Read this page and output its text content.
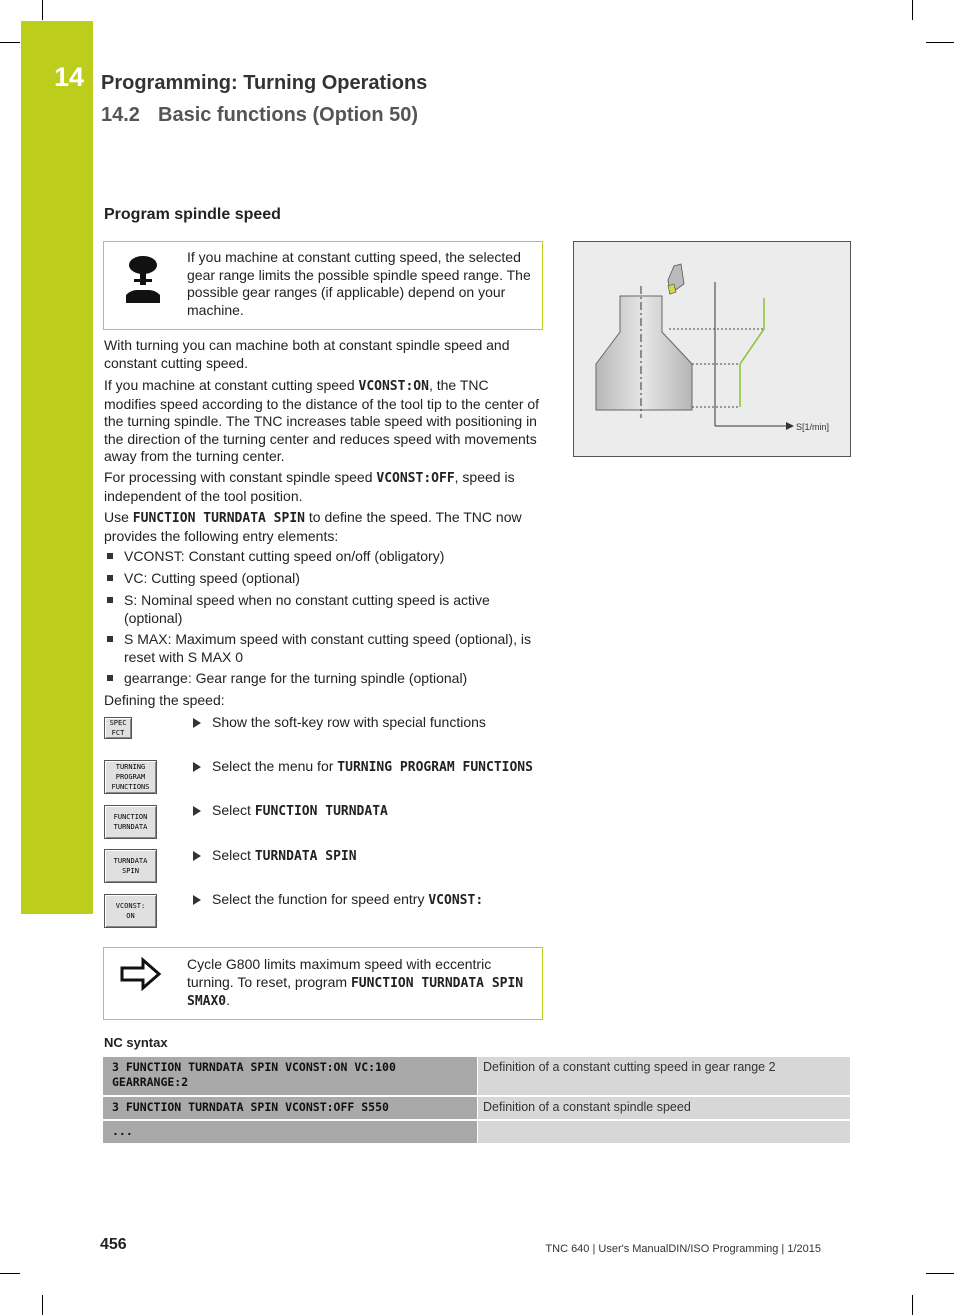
14 Programming: Turning Operations
14.2 Basic functions (Option 50)
Program spindle speed
If you machine at constant cutting speed, the selected gear range limits the possible spindle speed range. The possible gear ranges (if applicable) depend on your machine.
S[1/min]
With turning you can machine both at constant spindle speed and constant cutting speed.
If you machine at constant cutting speed VCONST:ON, the TNC modifies speed according to the distance of the tool tip to the center of the turning spindle. The TNC increases table speed with positioning in the direction of the turning center and reduces speed with movements away from the turning center.
For processing with constant spindle speed VCONST:OFF, speed is independent of the tool position.
Use FUNCTION TURNDATA SPIN to define the speed. The TNC now provides the following entry elements:
VCONST: Constant cutting speed on/off (obligatory)
VC: Cutting speed (optional)
S: Nominal speed when no constant cutting speed is active (optional)
S MAX: Maximum speed with constant cutting speed (optional), is reset with S MAX 0
gearrange: Gear range for the turning spindle (optional)
Defining the speed:
SPEC
FCT
Show the soft-key row with special functions
TURNING
PROGRAM
FUNCTIONS
Select the menu for TURNING PROGRAM FUNCTIONS
FUNCTION
TURNDATA
Select FUNCTION TURNDATA
TURNDATA
SPIN
Select TURNDATA SPIN
VCONST:
ON
Select the function for speed entry VCONST:
Cycle G800 limits maximum speed with eccentric turning. To reset, program FUNCTION TURNDATA SPIN SMAX0.
NC syntax
3 FUNCTION TURNDATA SPIN VCONST:ON VC:100
GEARRANGE:2
Definition of a constant cutting speed in gear range 2
3 FUNCTION TURNDATA SPIN VCONST:OFF S550	Definition of a constant spindle speed
...
456	TNC 640 | User's ManualDIN/ISO Programming | 1/2015
